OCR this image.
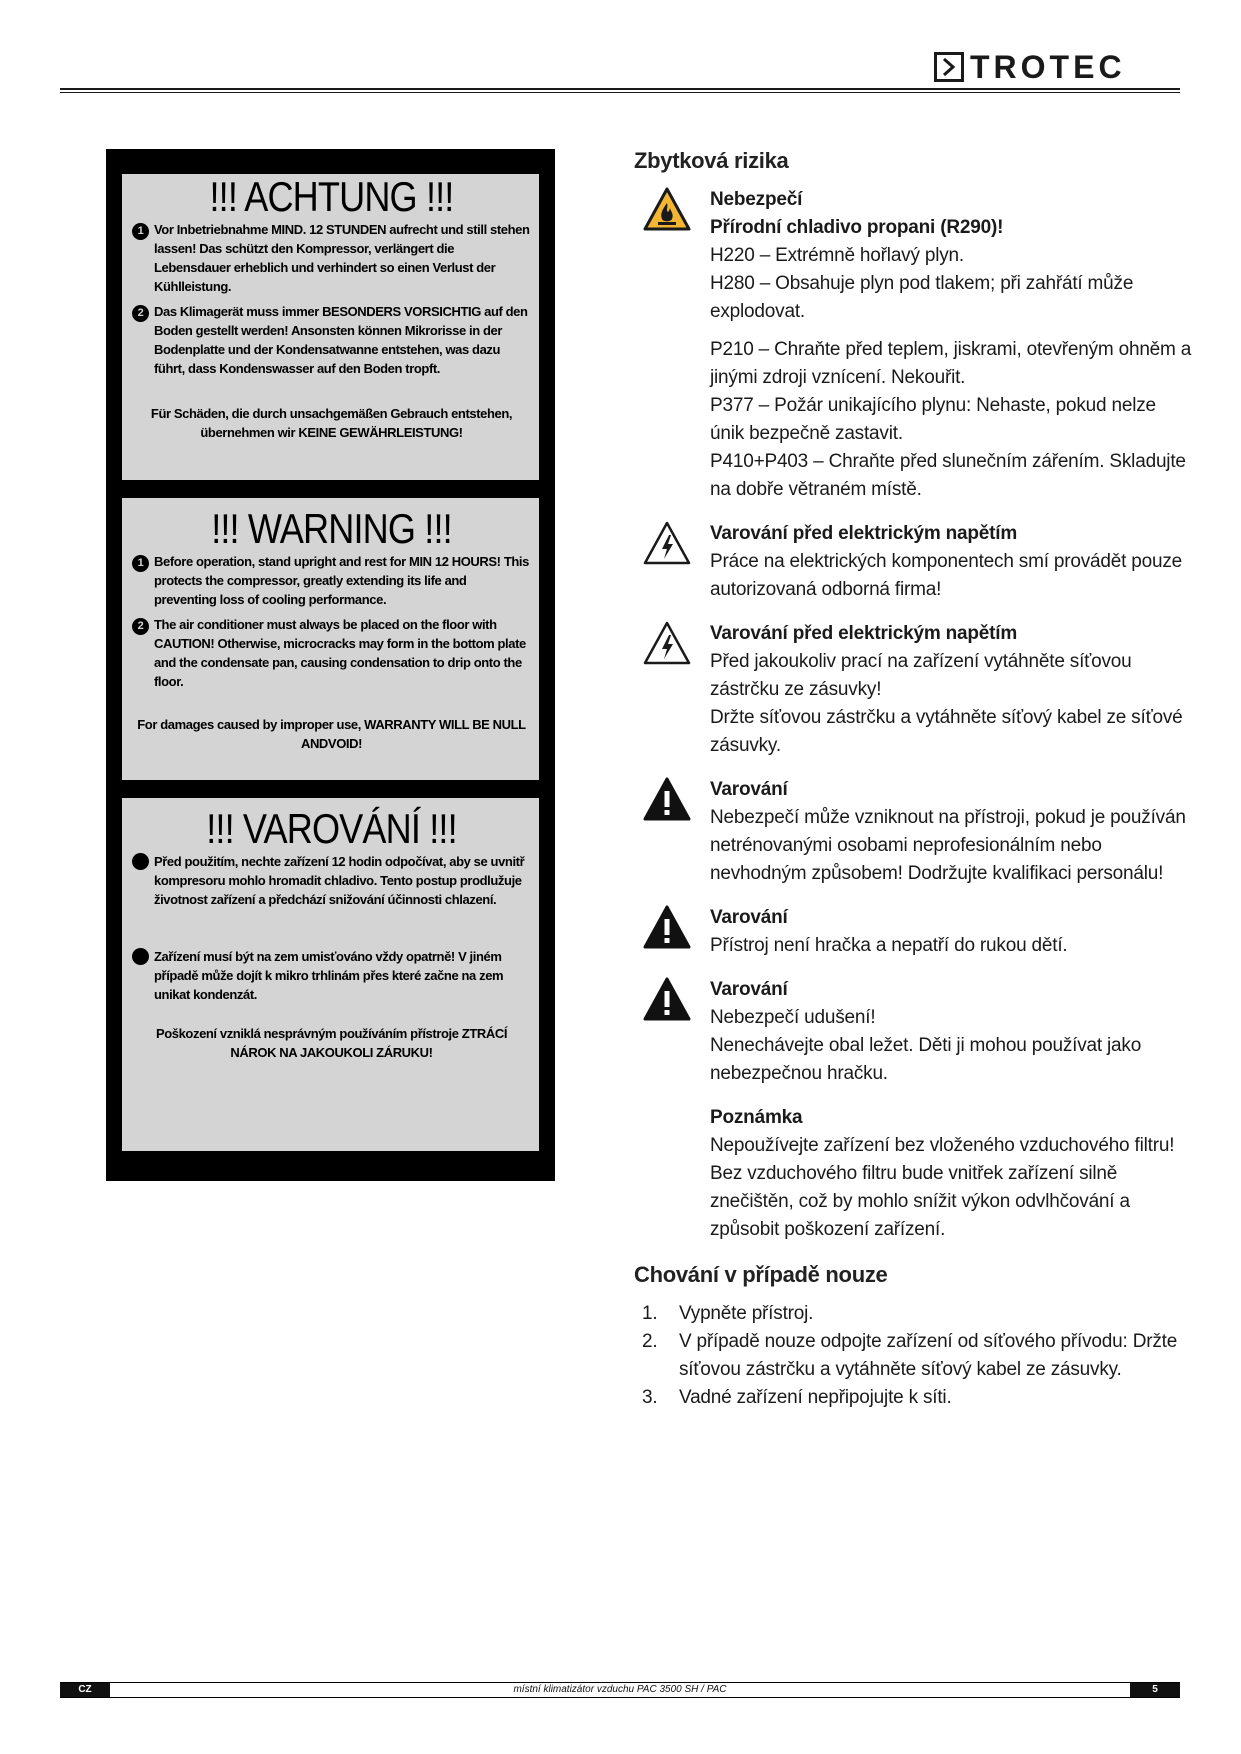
TROTEC
!!! ACHTUNG !!!
1 Vor Inbetriebnahme MIND. 12 STUNDEN aufrecht und still stehen lassen! Das schützt den Kompressor, verlängert die Lebensdauer erheblich und verhindert so einen Verlust der Kühlleistung.
2 Das Klimagerät muss immer BESONDERS VORSICHTIG auf den Boden gestellt werden! Ansonsten können Mikrorisse in der Bodenplatte und der Kondensatwanne entstehen, was dazu führt, dass Kondenswasser auf den Boden tropft.
Für Schäden, die durch unsachgemäßen Gebrauch entstehen, übernehmen wir KEINE GEWÄHRLEISTUNG!
!!! WARNING !!!
1 Before operation, stand upright and rest for MIN 12 HOURS! This protects the compressor, greatly extending its life and preventing loss of cooling performance.
2 The air conditioner must always be placed on the floor with CAUTION! Otherwise, microcracks may form in the bottom plate and the condensate pan, causing condensation to drip onto the floor.
For damages caused by improper use, WARRANTY WILL BE NULL ANDVOID!
!!! VAROVÁNÍ !!!
Před použitím, nechte zařízení 12 hodin odpočívat, aby se uvnitř kompresoru mohlo hromadit chladivo. Tento postup prodlužuje životnost zařízení a předchází snižování účinnosti chlazení.
Zařízení musí být na zem umisťováno vždy opatrně! V jiném případě může dojít k mikro trhlinám přes které začne na zem unikat kondenzát.
Poškození vzniklá nesprávným používáním přístroje ZTRÁCÍ NÁROK NA JAKOUKOLI ZÁRUKU!
Zbytková rizika
Nebezpečí
Přírodní chladivo propani (R290)!
H220 – Extrémně hořlavý plyn.
H280 – Obsahuje plyn pod tlakem; při zahřátí může explodovat.
P210 – Chraňte před teplem, jiskrami, otevřeným ohněm a jinými zdroji vznícení. Nekouřit.
P377 – Požár unikajícího plynu: Nehaste, pokud nelze únik bezpečně zastavit.
P410+P403 – Chraňte před slunečním zářením. Skladujte na dobře větraném místě.
Varování před elektrickým napětím
Práce na elektrických komponentech smí provádět pouze autorizovaná odborná firma!
Varování před elektrickým napětím
Před jakoukoliv prací na zařízení vytáhněte síťovou zástrčku ze zásuvky!
Držte síťovou zástrčku a vytáhněte síťový kabel ze síťové zásuvky.
Varování
Nebezpečí může vzniknout na přístroji, pokud je používán netrénovanými osobami neprofesionálním nebo nevhodným způsobem! Dodržujte kvalifikaci personálu!
Varování
Přístroj není hračka a nepatří do rukou dětí.
Varování
Nebezpečí udušení!
Nenechávejte obal ležet. Děti ji mohou používat jako nebezpečnou hračku.
Poznámka
Nepoužívejte zařízení bez vloženého vzduchového filtru! Bez vzduchového filtru bude vnitřek zařízení silně znečištěn, což by mohlo snížit výkon odvlhčování a způsobit poškození zařízení.
Chování v případě nouze
1.	Vypněte přístroj.
2.	V případě nouze odpojte zařízení od síťového přívodu: Držte síťovou zástrčku a vytáhněte síťový kabel ze zásuvky.
3.	Vadné zařízení nepřipojujte k síti.
místní klimatizátor vzduchu PAC 3500 SH / PAC
CZ	5
